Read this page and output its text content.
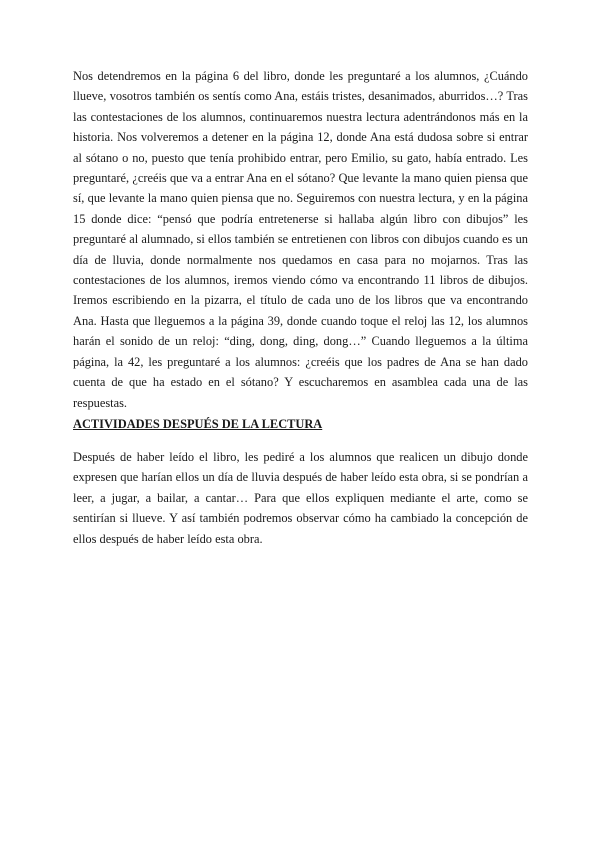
Nos detendremos en la página 6 del libro, donde les preguntaré a los alumnos, ¿Cuándo llueve, vosotros también os sentís como Ana, estáis tristes, desanimados, aburridos…? Tras las contestaciones de los alumnos, continuaremos nuestra lectura adentrándonos más en la historia. Nos volveremos a detener en la página 12, donde Ana está dudosa sobre si entrar al sótano o no, puesto que tenía prohibido entrar, pero Emilio, su gato, había entrado. Les preguntaré, ¿creéis que va a entrar Ana en el sótano? Que levante la mano quien piensa que sí, que levante la mano quien piensa que no. Seguiremos con nuestra lectura, y en la página 15 donde dice: “pensó que podría entretenerse si hallaba algún libro con dibujos” les preguntaré al alumnado, si ellos también se entretienen con libros con dibujos cuando es un día de lluvia, donde normalmente nos quedamos en casa para no mojarnos. Tras las contestaciones de los alumnos, iremos viendo cómo va encontrando 11 libros de dibujos. Iremos escribiendo en la pizarra, el título de cada uno de los libros que va encontrando Ana. Hasta que lleguemos a la página 39, donde cuando toque el reloj las 12, los alumnos harán el sonido de un reloj: “ding, dong, ding, dong…” Cuando lleguemos a la última página, la 42, les preguntaré a los alumnos: ¿creéis que los padres de Ana se han dado cuenta de que ha estado en el sótano? Y escucharemos en asamblea cada una de las respuestas.

ACTIVIDADES DESPUÉS DE LA LECTURA

Después de haber leído el libro, les pediré a los alumnos que realicen un dibujo donde expresen que harían ellos un día de lluvia después de haber leído esta obra, si se pondrían a leer, a jugar, a bailar, a cantar… Para que ellos expliquen mediante el arte, como se sentirían si llueve. Y así también podremos observar cómo ha cambiado la concepción de ellos después de haber leído esta obra.
